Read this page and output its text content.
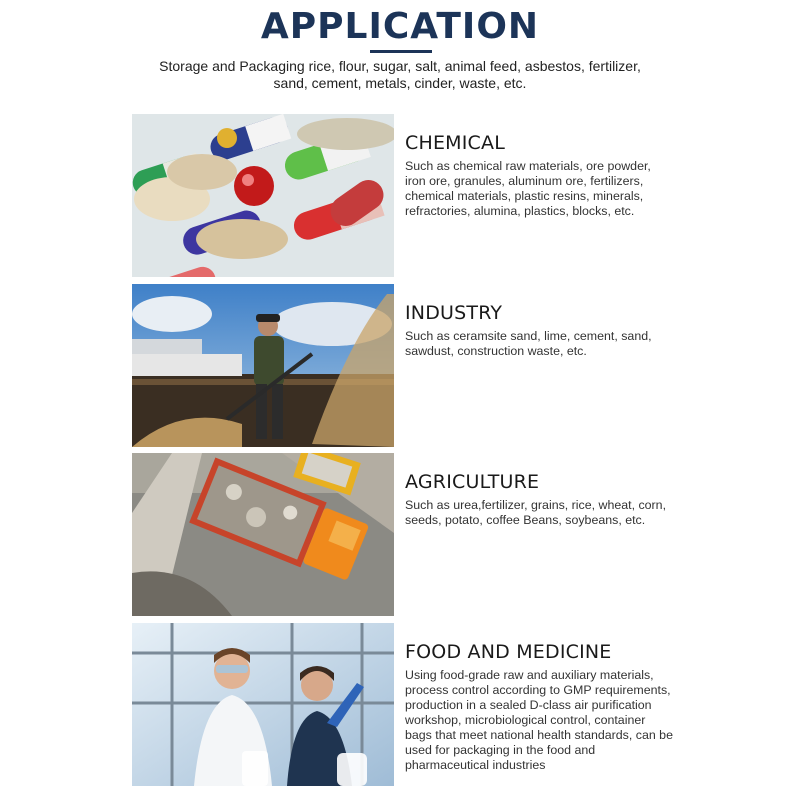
APPLICATION
Storage and Packaging rice, flour, sugar, salt, animal feed, asbestos, fertilizer, sand, cement, metals, cinder, waste, etc.
CHEMICAL

Such as chemical raw materials, ore powder, iron ore, granules, aluminum ore, fertilizers, chemical materials, plastic resins, minerals, refractories, alumina, plastics, blocks, etc.

INDUSTRY

Such as ceramsite sand, lime, cement, sand, sawdust, construction waste, etc.

AGRICULTURE

Such as urea,fertilizer, grains, rice, wheat, corn, seeds, potato, coffee Beans, soybeans, etc.

FOOD AND MEDICINE

Using food-grade raw and auxiliary materials, process control according to GMP requirements, production in a sealed D-class air purification workshop, microbiological control, container bags that meet national health standards, can be used for packaging in the food and pharmaceutical industries
